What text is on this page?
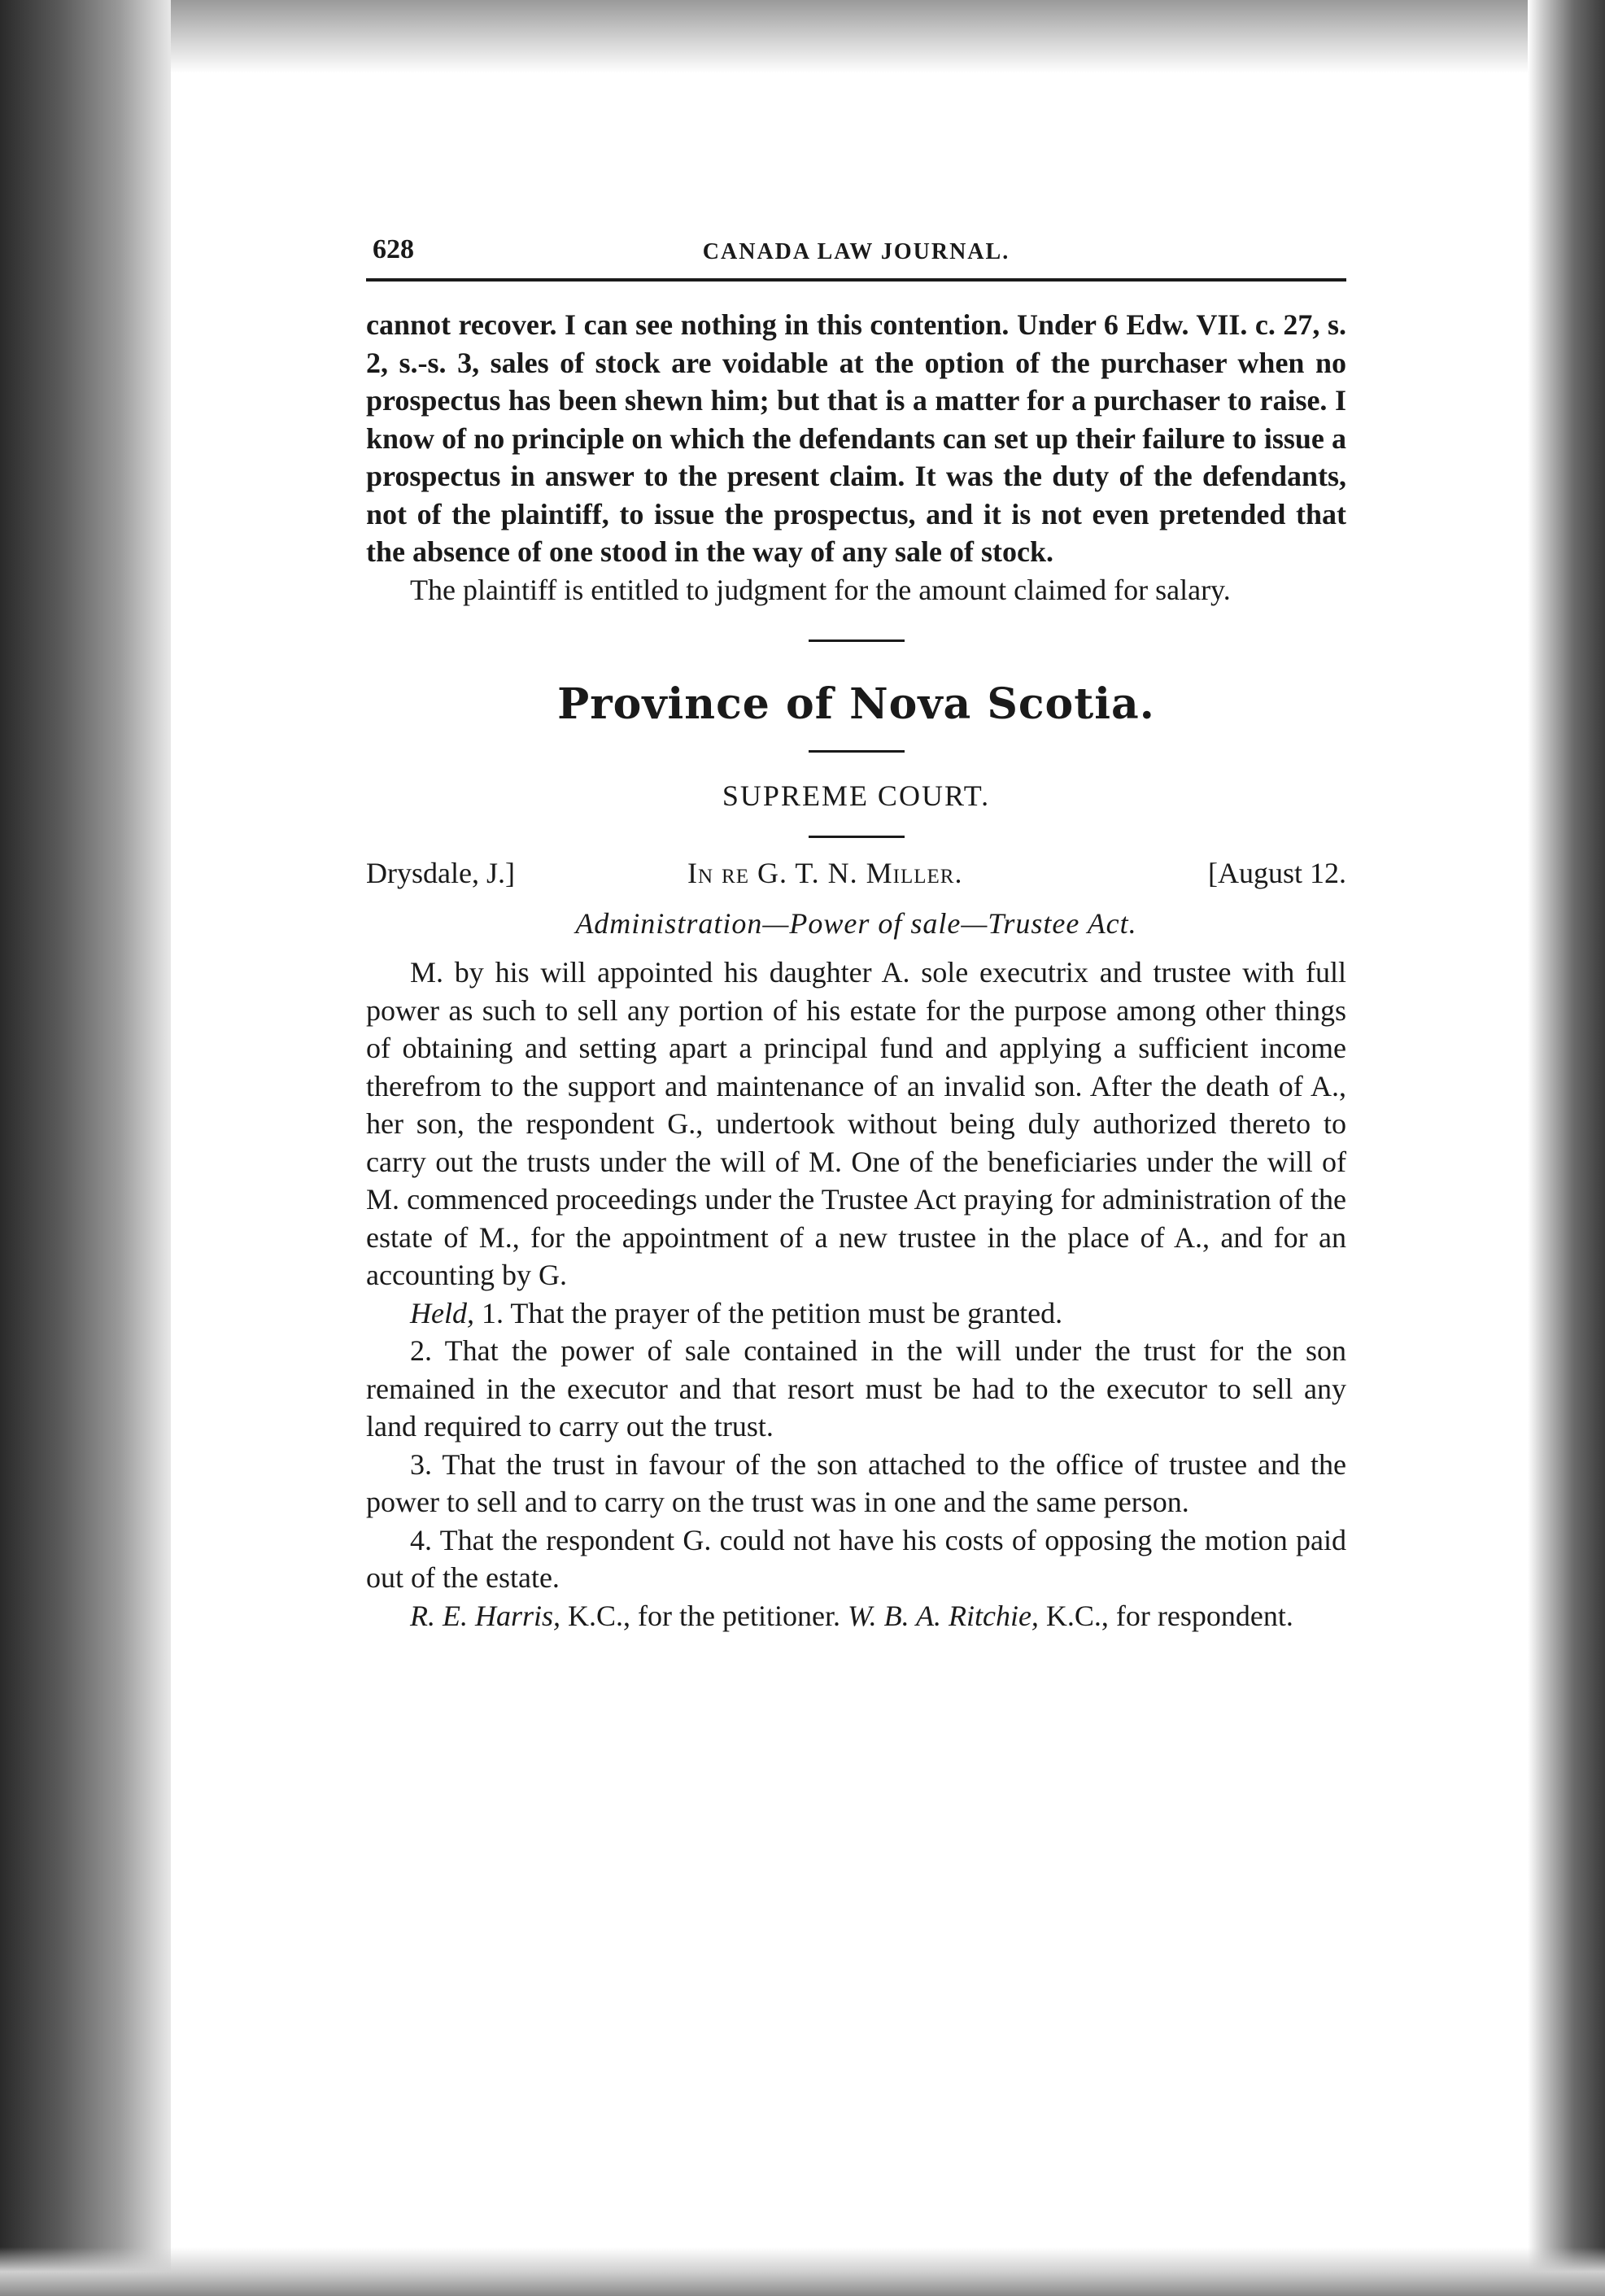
628	CANADA LAW JOURNAL.

cannot recover. I can see nothing in this contention. Under 6 Edw. VII. c. 27, s. 2, s.-s. 3, sales of stock are voidable at the option of the purchaser when no prospectus has been shewn him; but that is a matter for a purchaser to raise. I know of no principle on which the defendants can set up their failure to issue a prospectus in answer to the present claim. It was the duty of the defendants, not of the plaintiff, to issue the prospectus, and it is not even pretended that the absence of one stood in the way of any sale of stock.

The plaintiff is entitled to judgment for the amount claimed for salary.

Province of Nova Scotia.
SUPREME COURT.
Drysdale, J.]	In re G. T. N. Miller.	[August 12.
Administration—Power of sale—Trustee Act.

M. by his will appointed his daughter A. sole executrix and trustee with full power as such to sell any portion of his estate for the purpose among other things of obtaining and setting apart a principal fund and applying a sufficient income therefrom to the support and maintenance of an invalid son. After the death of A., her son, the respondent G., undertook without being duly authorized thereto to carry out the trusts under the will of M. One of the beneficiaries under the will of M. commenced proceedings under the Trustee Act praying for administration of the estate of M., for the appointment of a new trustee in the place of A., and for an accounting by G.

Held, 1. That the prayer of the petition must be granted.

2. That the power of sale contained in the will under the trust for the son remained in the executor and that resort must be had to the executor to sell any land required to carry out the trust.

3. That the trust in favour of the son attached to the office of trustee and the power to sell and to carry on the trust was in one and the same person.

4. That the respondent G. could not have his costs of opposing the motion paid out of the estate.

R. E. Harris, K.C., for the petitioner. W. B. A. Ritchie, K.C., for respondent.
